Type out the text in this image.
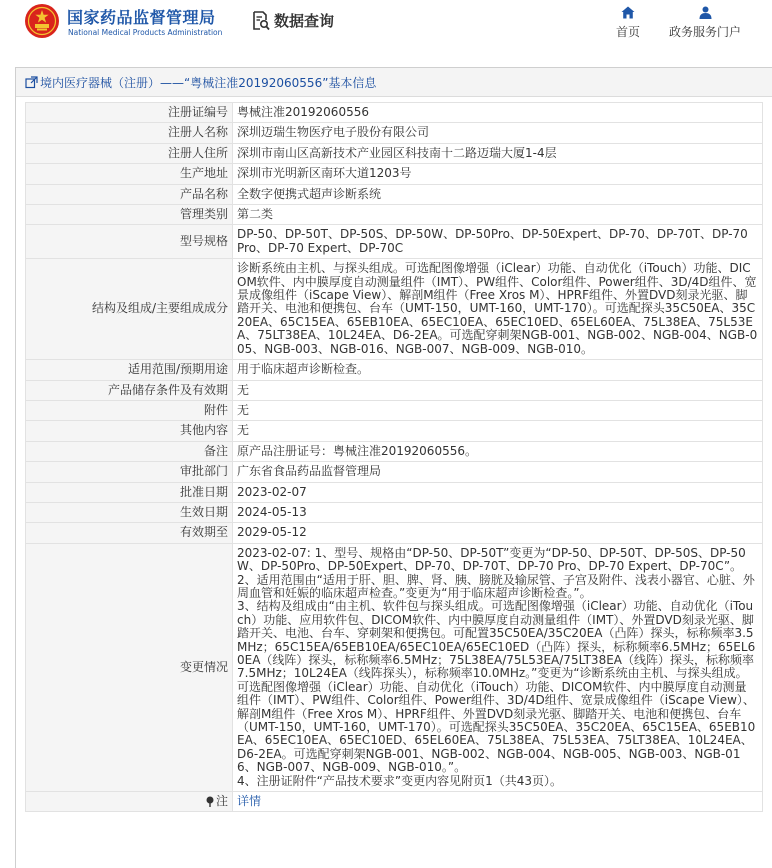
国家药品监督管理局
National Medical Products Administration
数据查询
首页	政务服务门户
境内医疗器械（注册）——“粤械注准20192060556”基本信息
注册证编号	粤械注准20192060556
注册人名称	深圳迈瑞生物医疗电子股份有限公司
注册人住所	深圳市南山区高新技术产业园区科技南十二路迈瑞大厦1-4层
生产地址	深圳市光明新区南环大道1203号
产品名称	全数字便携式超声诊断系统
管理类别	第二类
型号规格	DP-50、DP-50T、DP-50S、DP-50W、DP-50Pro、DP-50Expert、DP-70、DP-70T、DP-70 Pro、DP-70 Expert、DP-70C
结构及组成/主要组成成分	诊断系统由主机、与探头组成。可选配图像增强（iClear）功能、自动优化（iTouch）功能、DICOM软件、内中膜厚度自动测量组件（IMT）、PW组件、Color组件、Power组件、3D/4D组件、宽景成像组件（iScape View）、解剖M组件（Free Xros M）、HPRF组件、外置DVD刻录光驱、脚踏开关、电池和便携包、台车（UMT-150，UMT-160，UMT-170）。可选配探头35C50EA、35C20EA、65C15EA、65EB10EA、65EC10EA、65EC10ED、65EL60EA、75L38EA、75L53EA、75LT38EA、10L24EA、D6-2EA。可选配穿刺架NGB-001、NGB-002、NGB-004、NGB-005、NGB-003、NGB-016、NGB-007、NGB-009、NGB-010。
适用范围/预期用途	用于临床超声诊断检查。
产品储存条件及有效期	无
附件	无
其他内容	无
备注	原产品注册证号：粤械注准20192060556。
审批部门	广东省食品药品监督管理局
批准日期	2023-02-07
生效日期	2024-05-13
有效期至	2029-05-12
变更情况	2023-02-07: 1、型号、规格由“DP-50、DP-50T”变更为“DP-50、DP-50T、DP-50S、DP-50W、DP-50Pro、DP-50Expert、DP-70、DP-70T、DP-70 Pro、DP-70 Expert、DP-70C”。
2、适用范围由“适用于肝、胆、脾、肾、胰、膀胱及输尿管、子宫及附件、浅表小器官、心脏、外周血管和妊娠的临床超声检查。”变更为“用于临床超声诊断检查。”。
3、结构及组成由“由主机、软件包与探头组成。可选配图像增强（iClear）功能、自动优化（iTouch）功能、应用软件包、DICOM软件、内中膜厚度自动测量组件（IMT）、外置DVD刻录光驱、脚踏开关、电池、台车、穿刺架和便携包。可配置35C50EA/35C20EA（凸阵）探头，标称频率3.5MHz；65C15EA/65EB10EA/65EC10EA/65EC10ED（凸阵）探头，标称频率6.5MHz；65EL60EA（线阵）探头，标称频率6.5MHz；75L38EA/75L53EA/75LT38EA（线阵）探头，标称频率7.5MHz；10L24EA（线阵探头），标称频率10.0MHz。”变更为“诊断系统由主机、与探头组成。可选配图像增强（iClear）功能、自动优化（iTouch）功能、DICOM软件、内中膜厚度自动测量组件（IMT）、PW组件、Color组件、Power组件、3D/4D组件、宽景成像组件（iScape View）、解剖M组件（Free Xros M）、HPRF组件、外置DVD刻录光驱、脚踏开关、电池和便携包、台车（UMT-150，UMT-160，UMT-170）。可选配探头35C50EA、35C20EA、65C15EA、65EB10EA、65EC10EA、65EC10ED、65EL60EA、75L38EA、75L53EA、75LT38EA、10L24EA、D6-2EA。可选配穿刺架NGB-001、NGB-002、NGB-004、NGB-005、NGB-003、NGB-016、NGB-007、NGB-009、NGB-010。”。
4、注册证附件“产品技术要求”变更内容见附页1（共43页）。
注	详情
